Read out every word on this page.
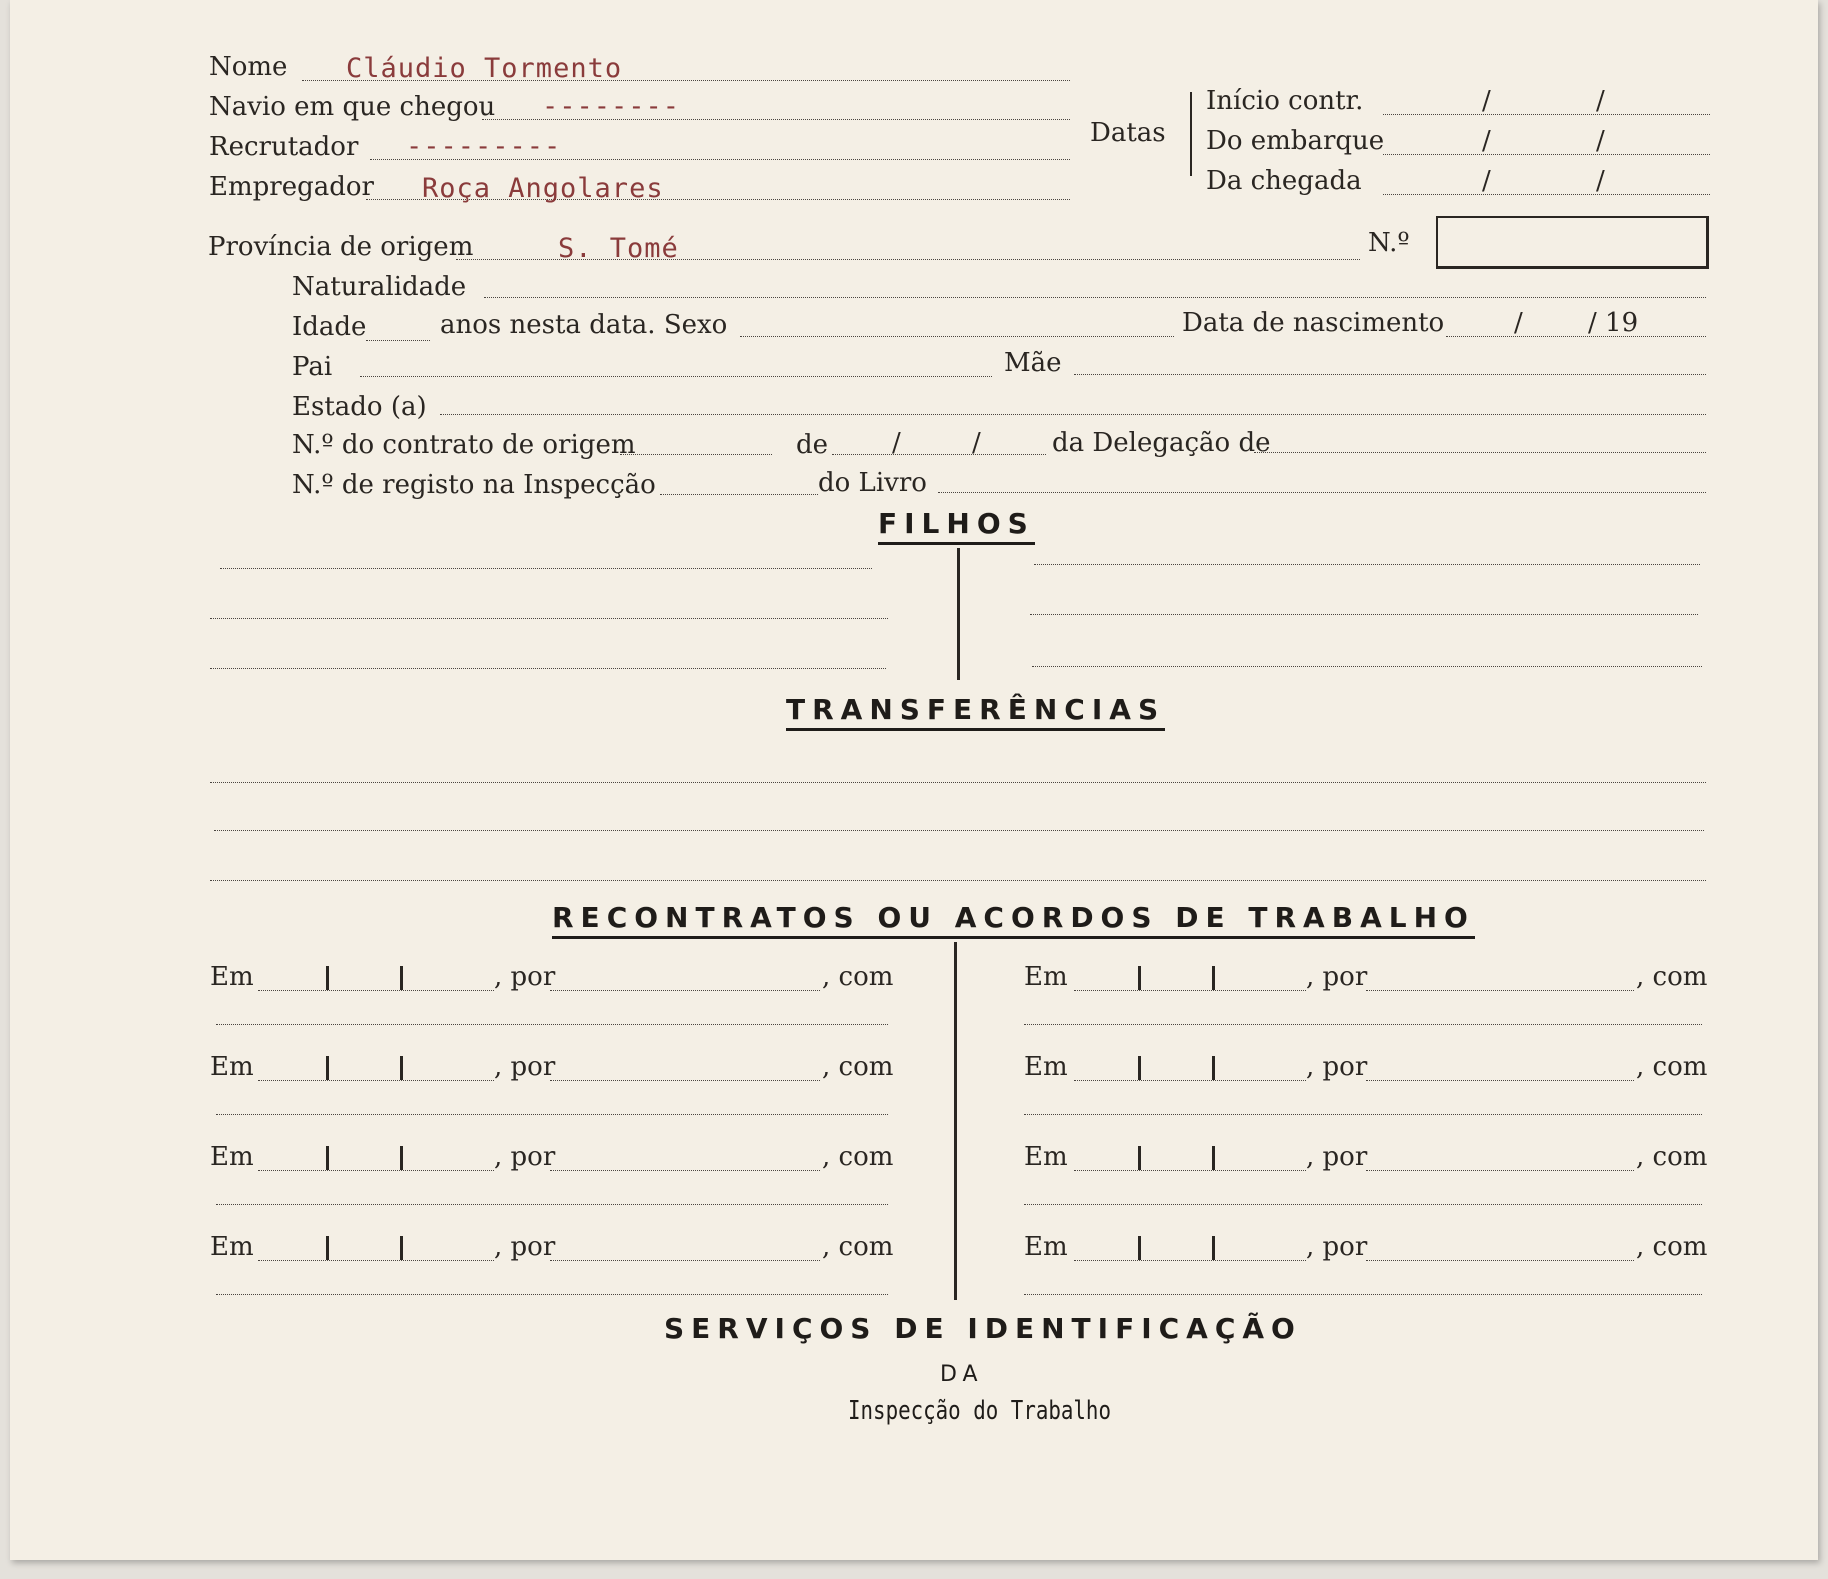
Nome Cláudio Tormento
Navio em que chegou --------
Recrutador ---------
Empregador Roça Angolares
Datas
Início contr.	/	/
Do embarque	/	/
Da chegada	/	/
Província de origem	S. Tomé	N.º
Naturalidade
Idade	anos nesta data. Sexo	Data de nascimento	/	/ 19
Pai	Mãe
Estado (a)
N.º do contrato de origem	de /	/	da Delegação de
N.º de registo na Inspecção	do Livro
FILHOS
TRANSFERÊNCIAS
RECONTRATOS OU ACORDOS DE TRABALHO
Em	, por	, com	Em	, por	, com
Em	, por	, com	Em	, por	, com
Em	, por	, com	Em	, por	, com
Em	, por	, com	Em	, por	, com
SERVIÇOS DE IDENTIFICAÇÃO
DA
Inspecção do Trabalho
